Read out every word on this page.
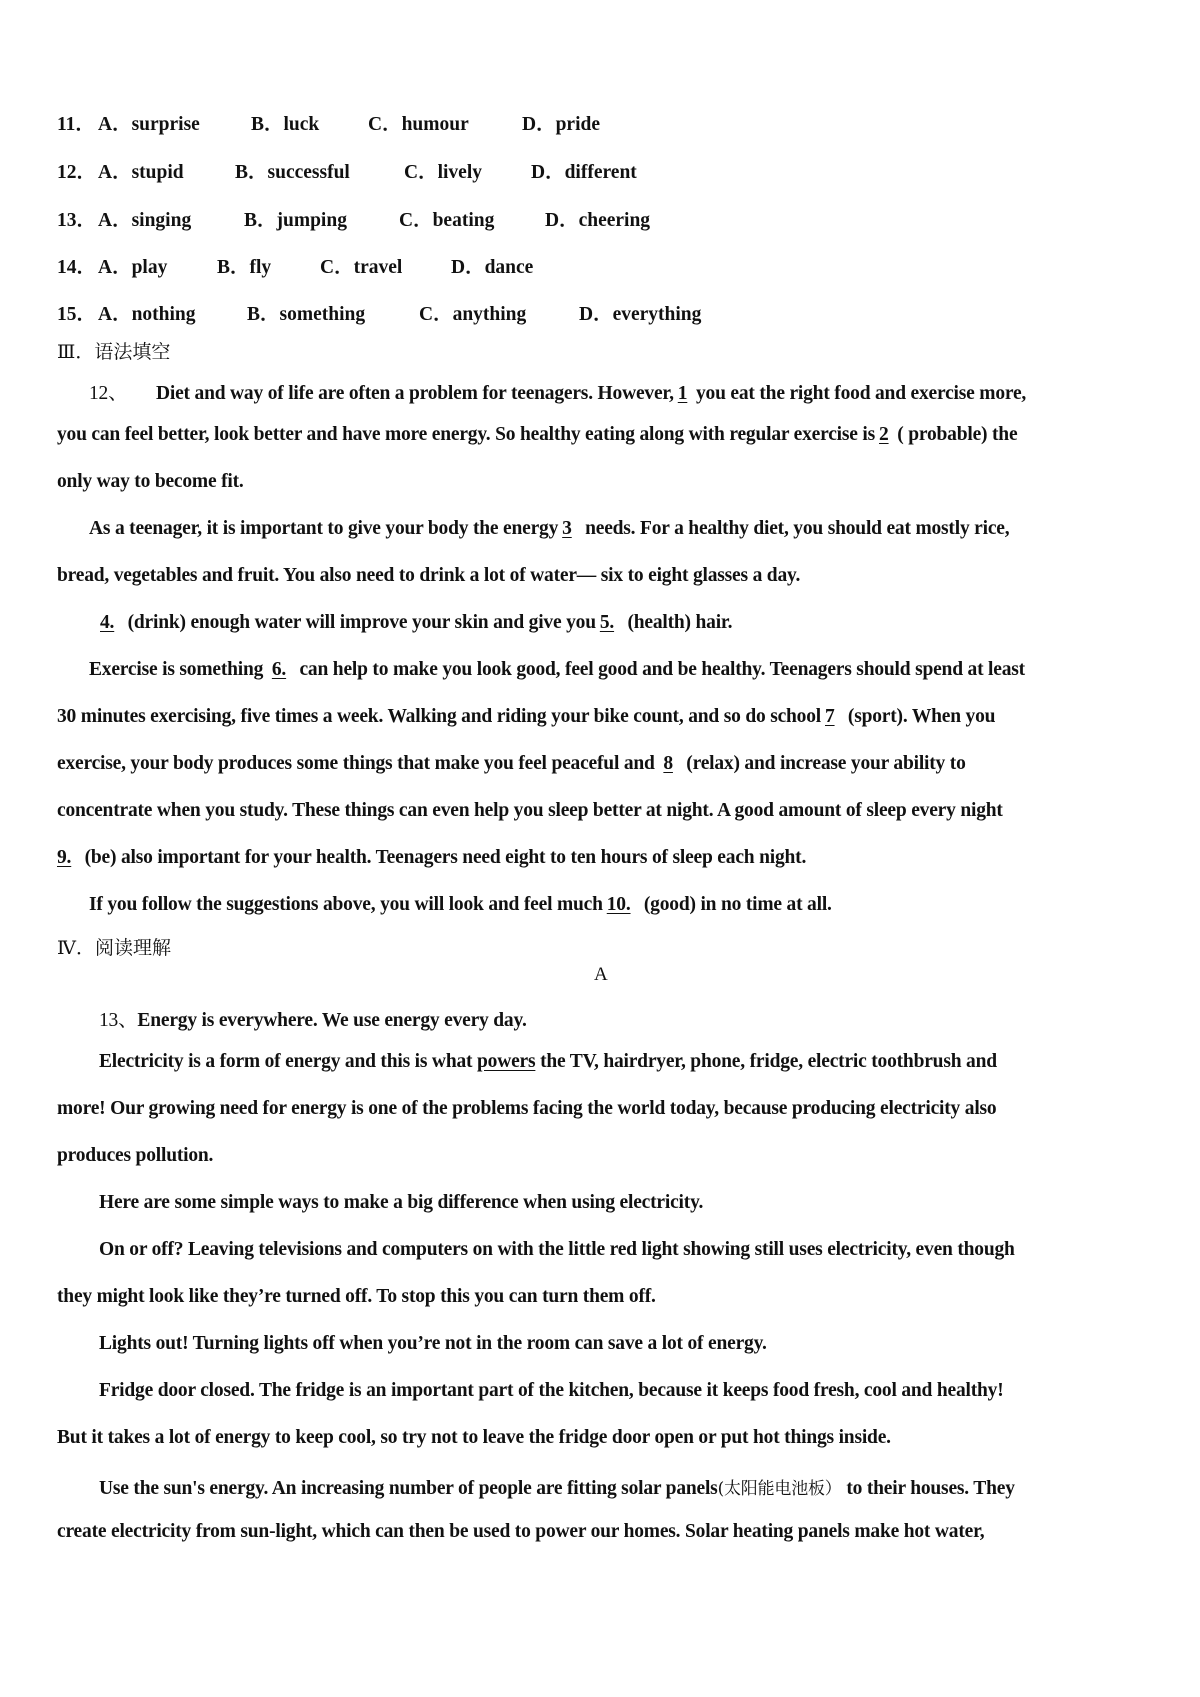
11． A．surprise	B．luck C．humour	D．pride
12． A．stupid	B．successful	C．lively	D．different
13． A．singing	B．jumping	C．beating	D．cheering
14． A．play	B．fly	C．travel D．dance
15． A．nothing	B．something	C．anything	D．everything
Ⅲ．语法填空
12、 Diet and way of life are often a problem for teenagers. However, 1 you eat the right food and exercise more,
you can feel better, look better and have more energy. So healthy eating along with regular exercise is 2 ( probable) the
only way to become fit.
As a teenager, it is important to give your body the energy 3 needs. For a healthy diet, you should eat mostly rice,
bread, vegetables and fruit. You also need to drink a lot of water— six to eight glasses a day.
4. (drink) enough water will improve your skin and give you 5. (health) hair.
Exercise is something 6. can help to make you look good, feel good and be healthy. Teenagers should spend at least
30 minutes exercising, five times a week. Walking and riding your bike count, and so do school 7 (sport). When you
exercise, your body produces some things that make you feel peaceful and 8 (relax) and increase your ability to
concentrate when you study. These things can even help you sleep better at night. A good amount of sleep every night
9. (be) also important for your health. Teenagers need eight to ten hours of sleep each night.
If you follow the suggestions above, you will look and feel much 10. (good) in no time at all.
Ⅳ．阅读理解
A
13、Energy is everywhere. We use energy every day.
Electricity is a form of energy and this is what powers the TV, hairdryer, phone, fridge, electric toothbrush and
more! Our growing need for energy is one of the problems facing the world today, because producing electricity also
produces pollution.
Here are some simple ways to make a big difference when using electricity.
On or off? Leaving televisions and computers on with the little red light showing still uses electricity, even though
they might look like they’re turned off. To stop this you can turn them off.
Lights out! Turning lights off when you’re not in the room can save a lot of energy.
Fridge door closed. The fridge is an important part of the kitchen, because it keeps food fresh, cool and healthy!
But it takes a lot of energy to keep cool, so try not to leave the fridge door open or put hot things inside.
Use the sun's energy. An increasing number of people are fitting solar panels(太阳能电池板） to their houses. They
create electricity from sun-light, which can then be used to power our homes. Solar heating panels make hot water,
